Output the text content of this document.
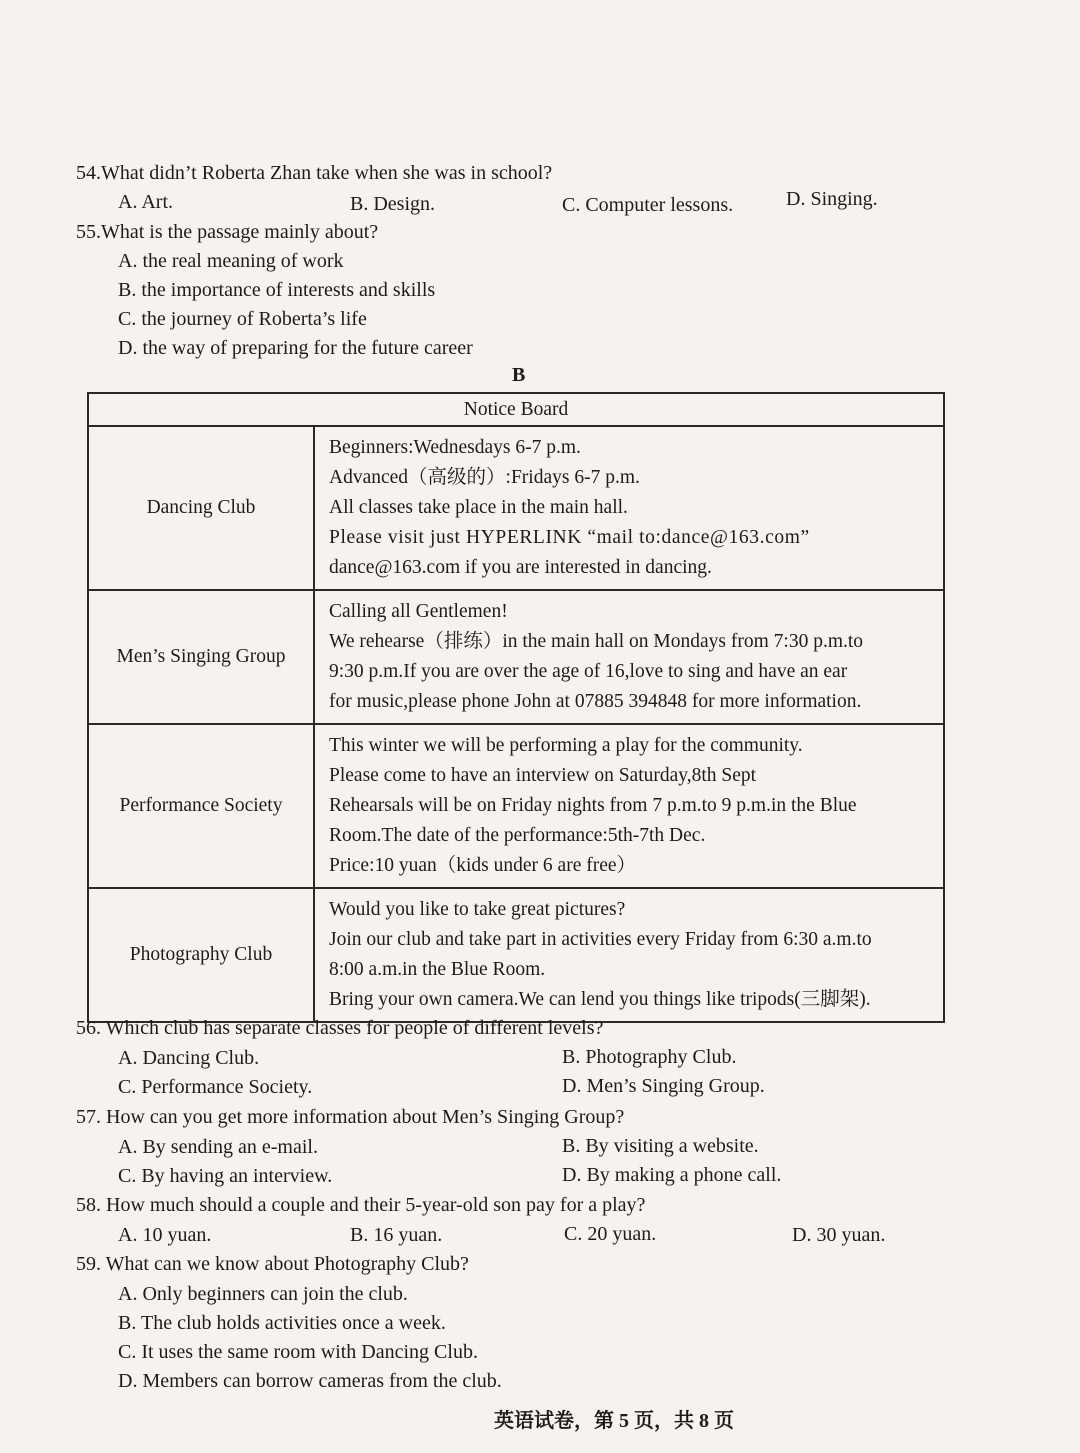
54.What didn’t Roberta Zhan take when she was in school?
A. Art.	B. Design.	C. Computer lessons.	D. Singing.
55.What is the passage mainly about?
A. the real meaning of work
B. the importance of interests and skills
C. the journey of Roberta’s life
D. the way of preparing for the future career
B
Notice Board	
Dancing Club	Beginners:Wednesdays 6-7 p.m.
Advanced（高级的）:Fridays 6-7 p.m.
All classes take place in the main hall.
Please visit just HYPERLINK “mail to:dance@163.com”
dance@163.com if you are interested in dancing.

Men’s Singing Group	Calling all Gentlemen!
We rehearse（排练）in the main hall on Mondays from 7:30 p.m.to
9:30 p.m.If you are over the age of 16,love to sing and have an ear
for music,please phone John at 07885 394848 for more information.

Performance Society	This winter we will be performing a play for the community.
Please come to have an interview on Saturday,8th Sept
Rehearsals will be on Friday nights from 7 p.m.to 9 p.m.in the Blue
Room.The date of the performance:5th-7th Dec.
Price:10 yuan（kids under 6 are free）

Photography Club	Would you like to take great pictures?
Join our club and take part in activities every Friday from 6:30 a.m.to
8:00 a.m.in the Blue Room.
Bring your own camera.We can lend you things like tripods(三脚架).
56. Which club has separate classes for people of different levels?
A. Dancing Club.	B. Photography Club.
C. Performance Society.	D. Men’s Singing Group.
57. How can you get more information about Men’s Singing Group?
A. By sending an e-mail.	B. By visiting a website.
C. By having an interview.	D. By making a phone call.
58. How much should a couple and their 5-year-old son pay for a play?
A. 10 yuan.	B. 16 yuan.	C. 20 yuan.	D. 30 yuan.
59. What can we know about Photography Club?
A. Only beginners can join the club.
B. The club holds activities once a week.
C. It uses the same room with Dancing Club.
D. Members can borrow cameras from the club.
英语试卷，第 5 页，共 8 页
